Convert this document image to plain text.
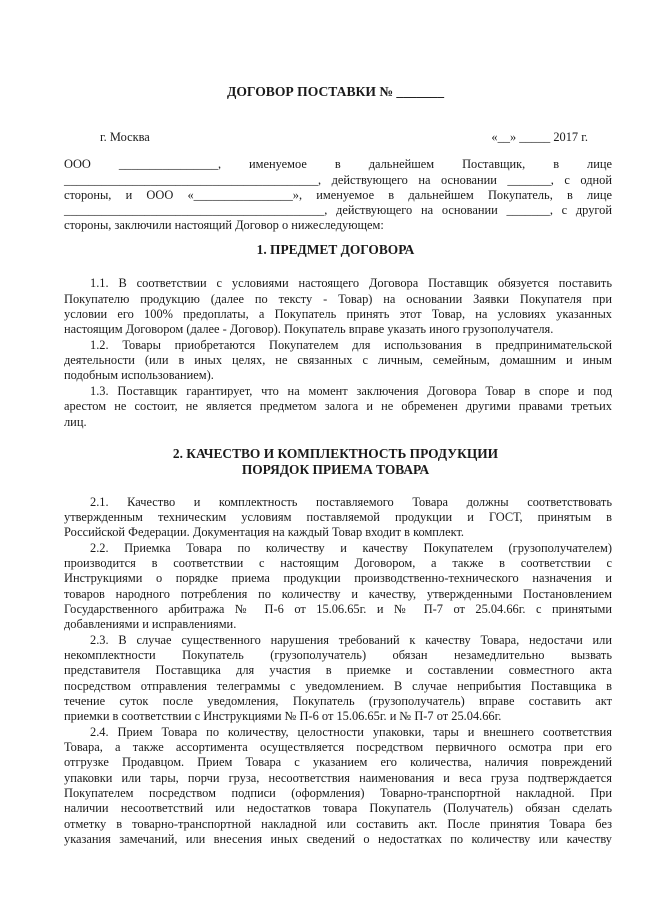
ДОГОВОР ПОСТАВКИ № _______
г. Москва	«__» _____ 2017 г.
ООО ________________, именуемое в дальнейшем Поставщик, в лице
_________________________________________, действующего на основании _______, с одной
стороны, и ООО «________________», именуемое в дальнейшем Покупатель, в лице
__________________________________________, действующего на основании _______, с другой
стороны, заключили настоящий Договор о нижеследующем:
1. ПРЕДМЕТ ДОГОВОРА
1.1. В соответствии с условиями настоящего Договора Поставщик обязуется поставить
Покупателю продукцию (далее по тексту - Товар) на основании Заявки Покупателя при
условии его 100% предоплаты, а Покупатель принять этот Товар, на условиях указанных
настоящим Договором (далее - Договор). Покупатель вправе указать иного грузополучателя.
1.2. Товары приобретаются Покупателем для использования в предпринимательской
деятельности (или в иных целях, не связанных с личным, семейным, домашним и иным
подобным использованием).
1.3. Поставщик гарантирует, что на момент заключения Договора Товар в споре и под
арестом не состоит, не является предметом залога и не обременен другими правами третьих
лиц.
2. КАЧЕСТВО И КОМПЛЕКТНОСТЬ ПРОДУКЦИИ
ПОРЯДОК ПРИЕМА ТОВАРА
2.1. Качество и комплектность поставляемого Товара должны соответствовать
утвержденным техническим условиям поставляемой продукции и ГОСТ, принятым в
Российской Федерации. Документация на каждый Товар входит в комплект.
2.2. Приемка Товара по количеству и качеству Покупателем (грузополучателем)
производится в соответствии с настоящим Договором, а также в соответствии с
Инструкциями о порядке приема продукции производственно-технического назначения и
товаров народного потребления по количеству и качеству, утвержденными Постановлением
Государственного арбитража № П-6 от 15.06.65г. и № П-7 от 25.04.66г. с принятыми
добавлениями и исправлениями.
2.3. В случае существенного нарушения требований к качеству Товара, недостачи или
некомплектности Покупатель (грузополучатель) обязан незамедлительно вызвать
представителя Поставщика для участия в приемке и составлении совместного акта
посредством отправления телеграммы с уведомлением. В случае неприбытия Поставщика в
течение суток после уведомления, Покупатель (грузополучатель) вправе составить акт
приемки в соответствии с Инструкциями № П-6 от 15.06.65г. и № П-7 от 25.04.66г.
2.4. Прием Товара по количеству, целостности упаковки, тары и внешнего соответствия
Товара, а также ассортимента осуществляется посредством первичного осмотра при его
отгрузке Продавцом. Прием Товара с указанием его количества, наличия повреждений
упаковки или тары, порчи груза, несоответствия наименования и веса груза подтверждается
Покупателем посредством подписи (оформления) Товарно-транспортной накладной. При
наличии несоответствий или недостатков товара Покупатель (Получатель) обязан сделать
отметку в товарно-транспортной накладной или составить акт. После принятия Товара без
указания замечаний, или внесения иных сведений о недостатках по количеству или качеству
